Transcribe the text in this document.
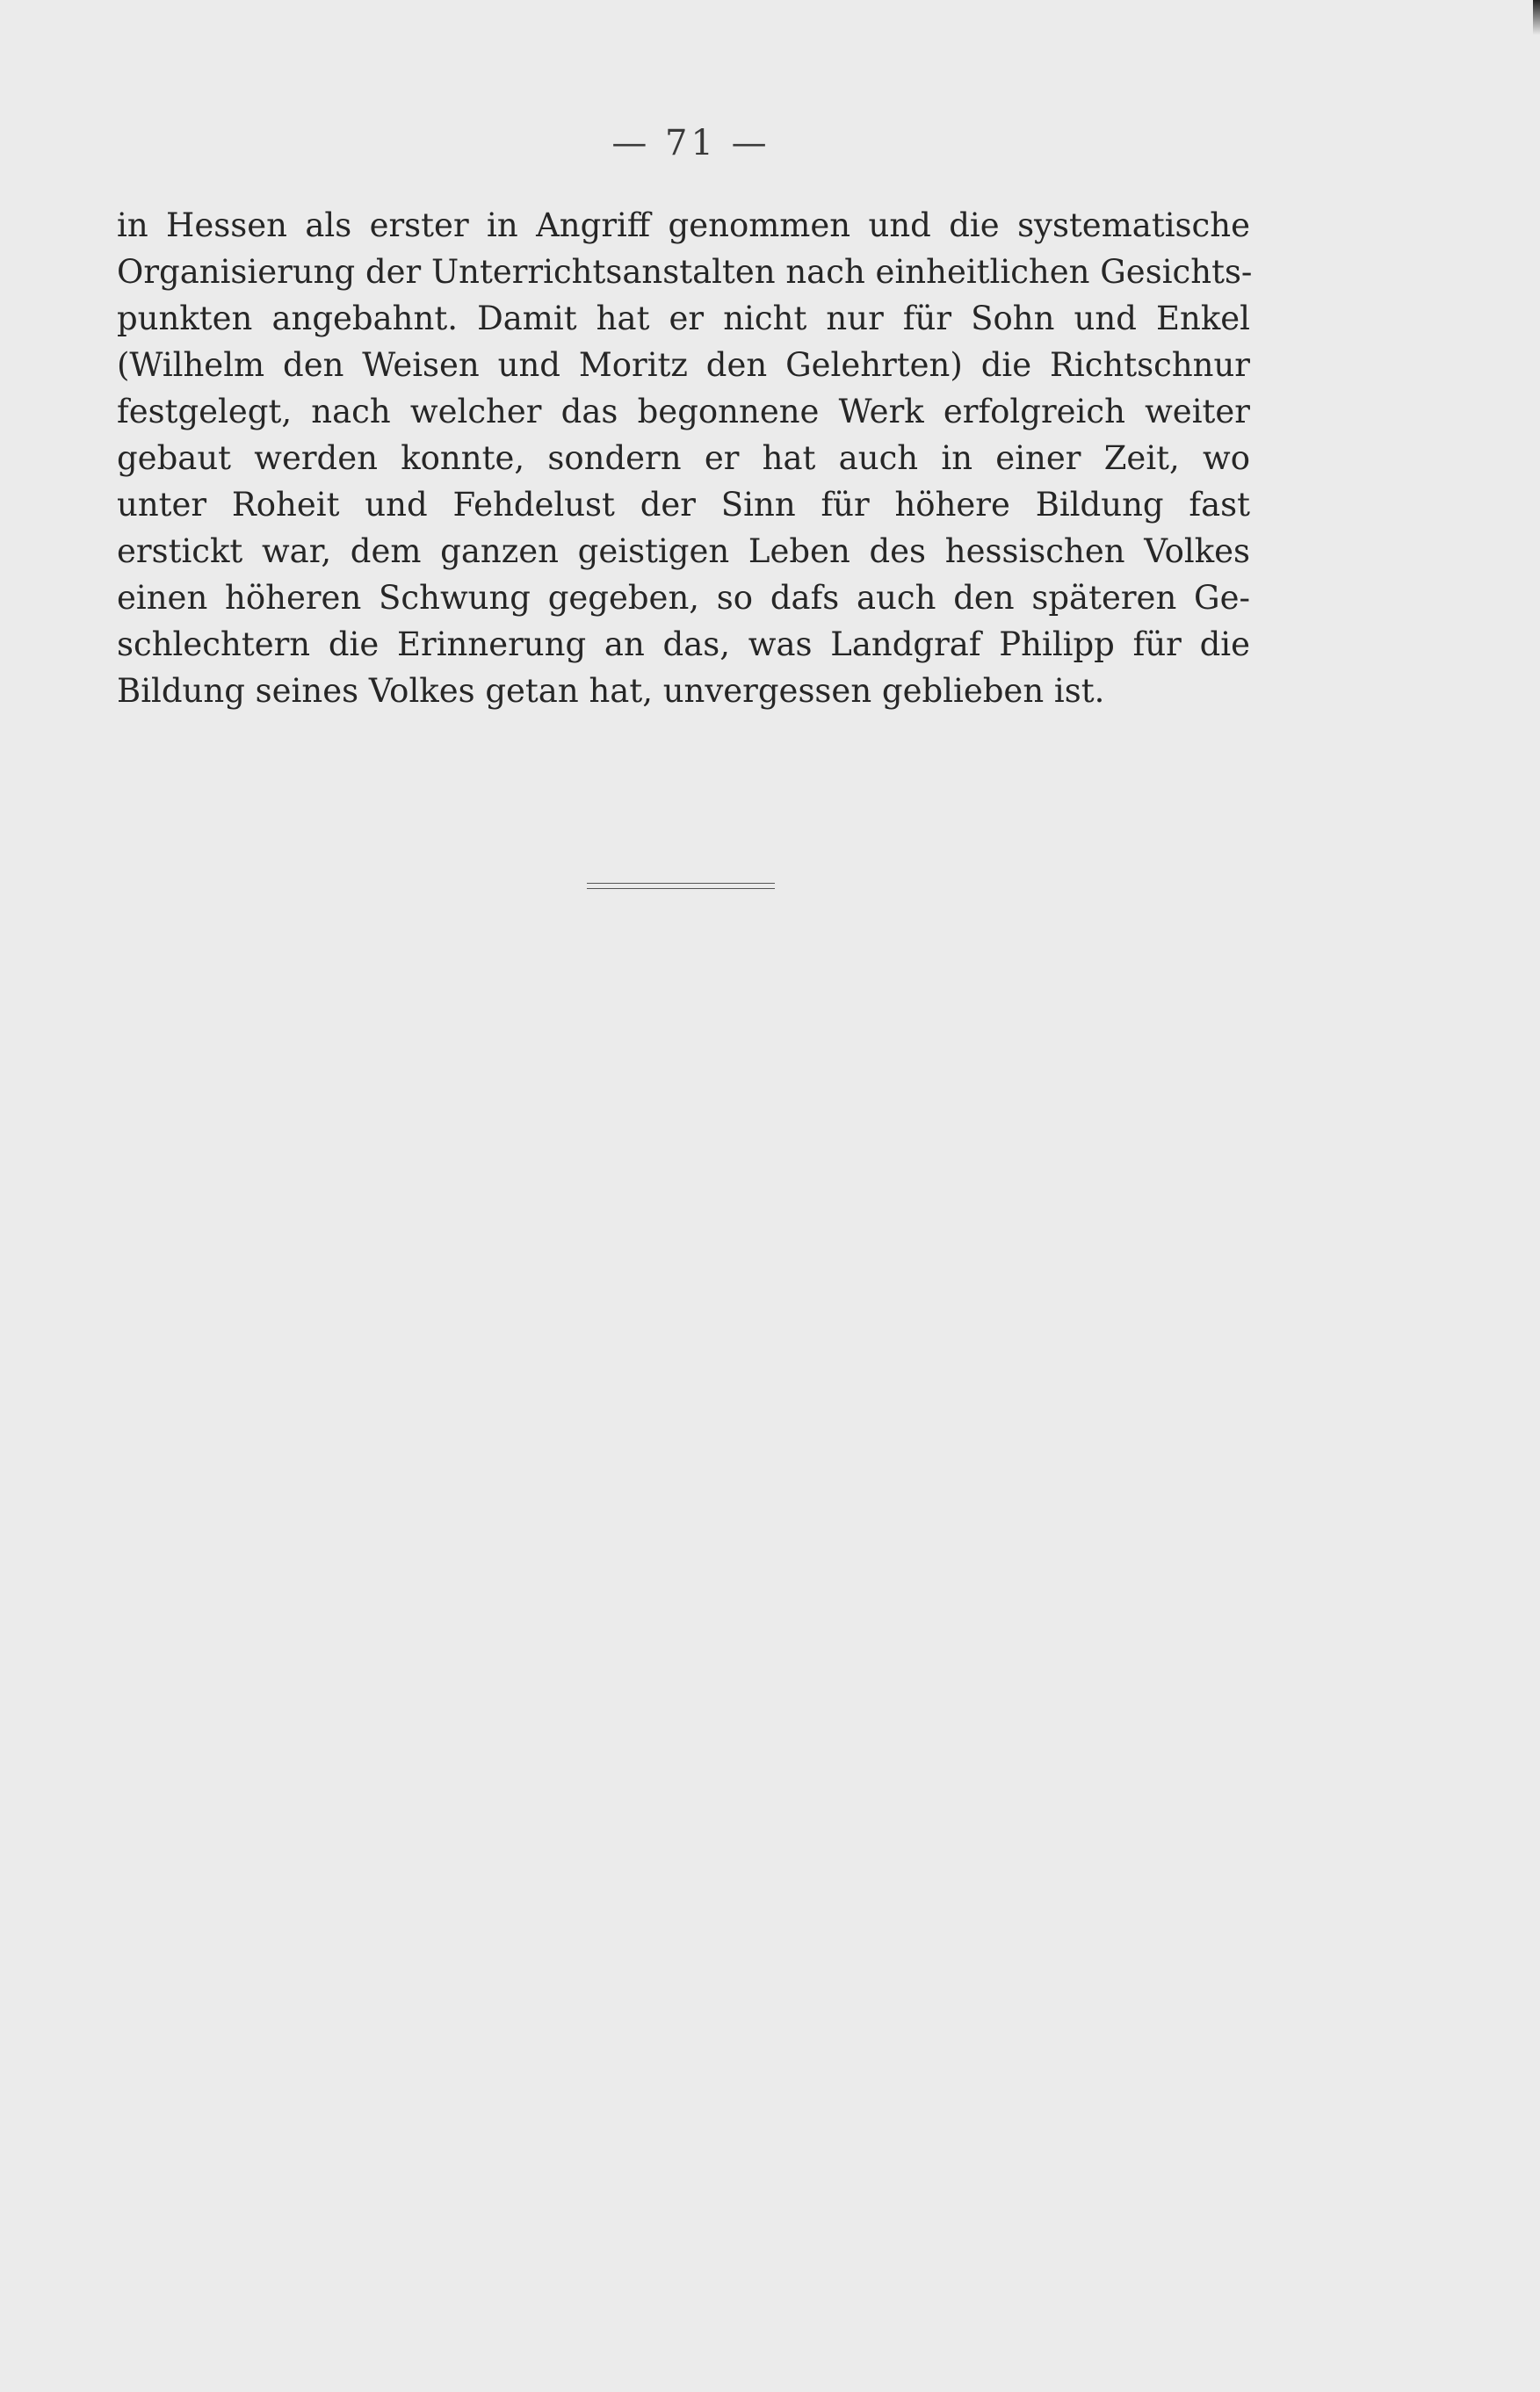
— 71 —
in Hessen als erster in Angriff genommen und die systematische
Organisierung der Unterrichtsanstalten nach einheitlichen Gesichts-
punkten angebahnt. Damit hat er nicht nur für Sohn und Enkel
(Wilhelm den Weisen und Moritz den Gelehrten) die Richtschnur
festgelegt, nach welcher das begonnene Werk erfolgreich weiter
gebaut werden konnte, sondern er hat auch in einer Zeit, wo
unter Roheit und Fehdelust der Sinn für höhere Bildung fast
erstickt war, dem ganzen geistigen Leben des hessischen Volkes
einen höheren Schwung gegeben, so dafs auch den späteren Ge-
schlechtern die Erinnerung an das, was Landgraf Philipp für die
Bildung seines Volkes getan hat, unvergessen geblieben ist.
